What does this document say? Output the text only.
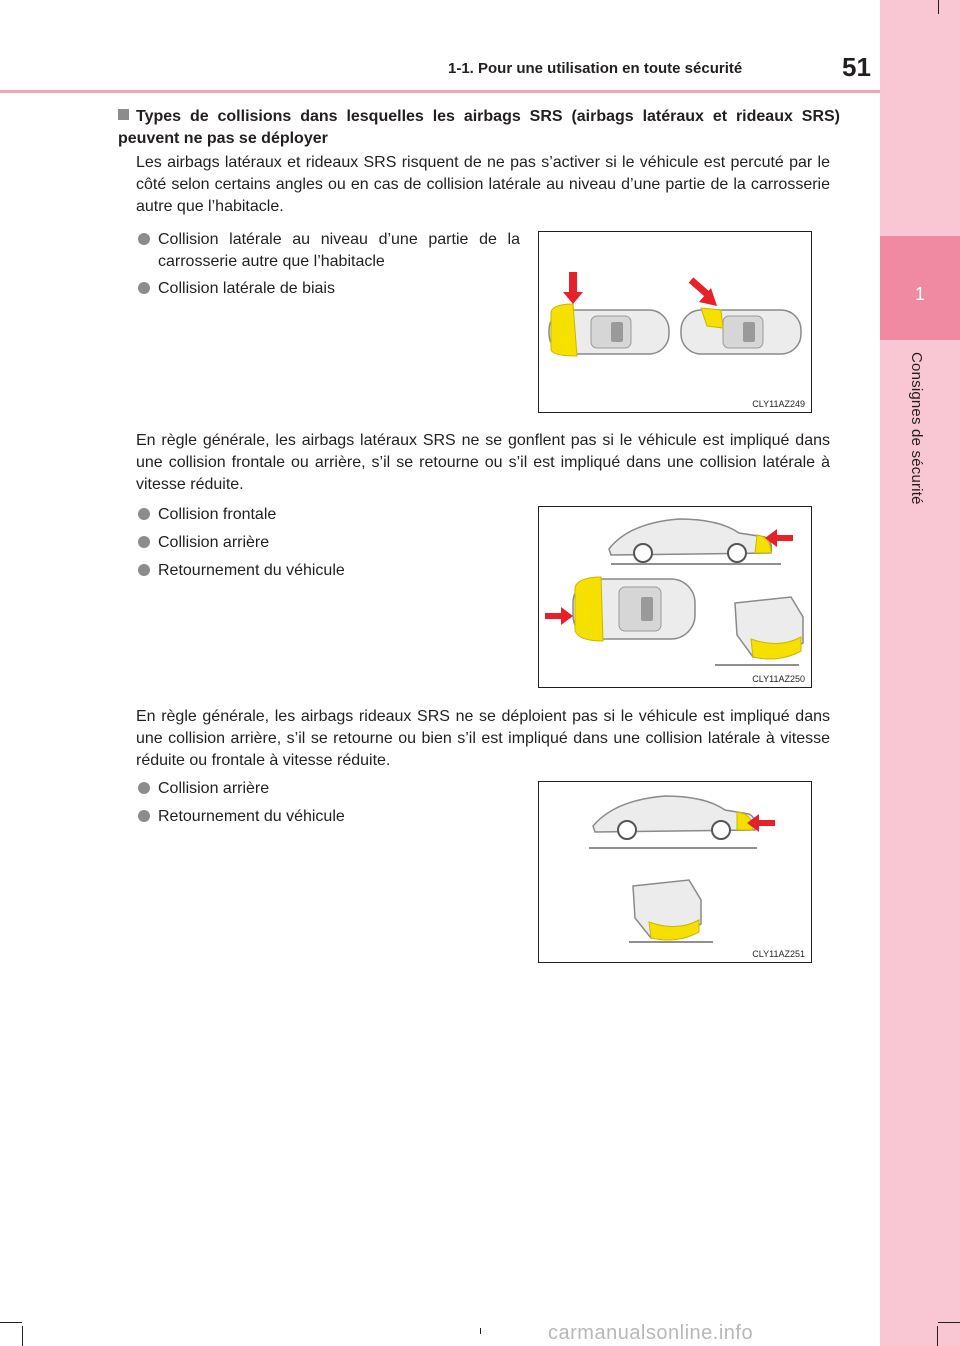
1-1. Pour une utilisation en toute sécurité	51
1
Consignes de sécurité
Types de collisions dans lesquelles les airbags SRS (airbags latéraux et rideaux SRS) peuvent ne pas se déployer
Les airbags latéraux et rideaux SRS risquent de ne pas s’activer si le véhicule est percuté par le côté selon certains angles ou en cas de collision latérale au niveau d’une partie de la carrosserie autre que l’habitacle.
Collision latérale au niveau d’une partie de la carrosserie autre que l’habitacle
Collision latérale de biais
CLY11AZ249
En règle générale, les airbags latéraux SRS ne se gonflent pas si le véhicule est impliqué dans une collision frontale ou arrière, s’il se retourne ou s’il est impliqué dans une collision latérale à vitesse réduite.
Collision frontale
Collision arrière
Retournement du véhicule
CLY11AZ250
En règle générale, les airbags rideaux SRS ne se déploient pas si le véhicule est impliqué dans une collision arrière, s’il se retourne ou bien s’il est impliqué dans une collision latérale à vitesse réduite ou frontale à vitesse réduite.
Collision arrière
Retournement du véhicule
CLY11AZ251
carmanualsonline.info
